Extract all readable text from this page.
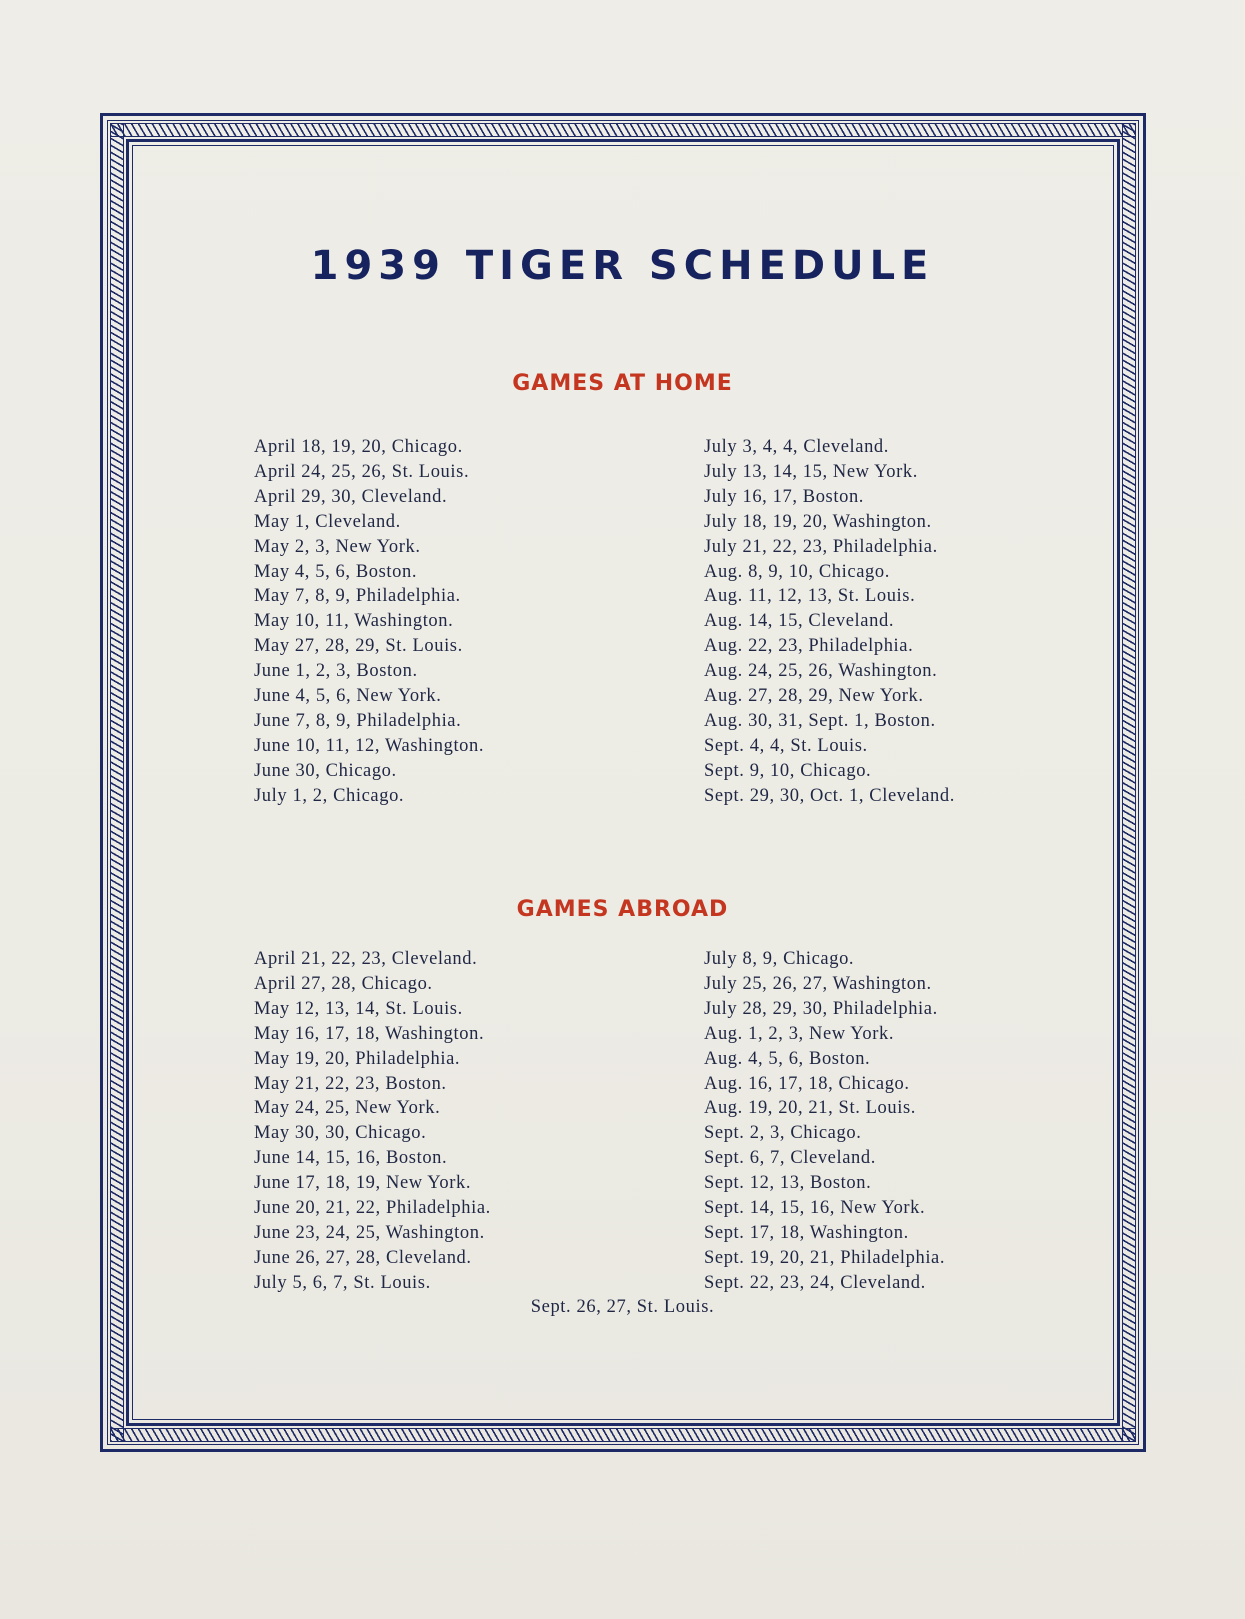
1939 TIGER SCHEDULE
GAMES AT HOME
April 18, 19, 20, Chicago.
April 24, 25, 26, St. Louis.
April 29, 30, Cleveland.
May 1, Cleveland.
May 2, 3, New York.
May 4, 5, 6, Boston.
May 7, 8, 9, Philadelphia.
May 10, 11, Washington.
May 27, 28, 29, St. Louis.
June 1, 2, 3, Boston.
June 4, 5, 6, New York.
June 7, 8, 9, Philadelphia.
June 10, 11, 12, Washington.
June 30, Chicago.
July 1, 2, Chicago.
July 3, 4, 4, Cleveland.
July 13, 14, 15, New York.
July 16, 17, Boston.
July 18, 19, 20, Washington.
July 21, 22, 23, Philadelphia.
Aug. 8, 9, 10, Chicago.
Aug. 11, 12, 13, St. Louis.
Aug. 14, 15, Cleveland.
Aug. 22, 23, Philadelphia.
Aug. 24, 25, 26, Washington.
Aug. 27, 28, 29, New York.
Aug. 30, 31, Sept. 1, Boston.
Sept. 4, 4, St. Louis.
Sept. 9, 10, Chicago.
Sept. 29, 30, Oct. 1, Cleveland.
GAMES ABROAD
April 21, 22, 23, Cleveland.
April 27, 28, Chicago.
May 12, 13, 14, St. Louis.
May 16, 17, 18, Washington.
May 19, 20, Philadelphia.
May 21, 22, 23, Boston.
May 24, 25, New York.
May 30, 30, Chicago.
June 14, 15, 16, Boston.
June 17, 18, 19, New York.
June 20, 21, 22, Philadelphia.
June 23, 24, 25, Washington.
June 26, 27, 28, Cleveland.
July 5, 6, 7, St. Louis.
July 8, 9, Chicago.
July 25, 26, 27, Washington.
July 28, 29, 30, Philadelphia.
Aug. 1, 2, 3, New York.
Aug. 4, 5, 6, Boston.
Aug. 16, 17, 18, Chicago.
Aug. 19, 20, 21, St. Louis.
Sept. 2, 3, Chicago.
Sept. 6, 7, Cleveland.
Sept. 12, 13, Boston.
Sept. 14, 15, 16, New York.
Sept. 17, 18, Washington.
Sept. 19, 20, 21, Philadelphia.
Sept. 22, 23, 24, Cleveland.
Sept. 26, 27, St. Louis.
